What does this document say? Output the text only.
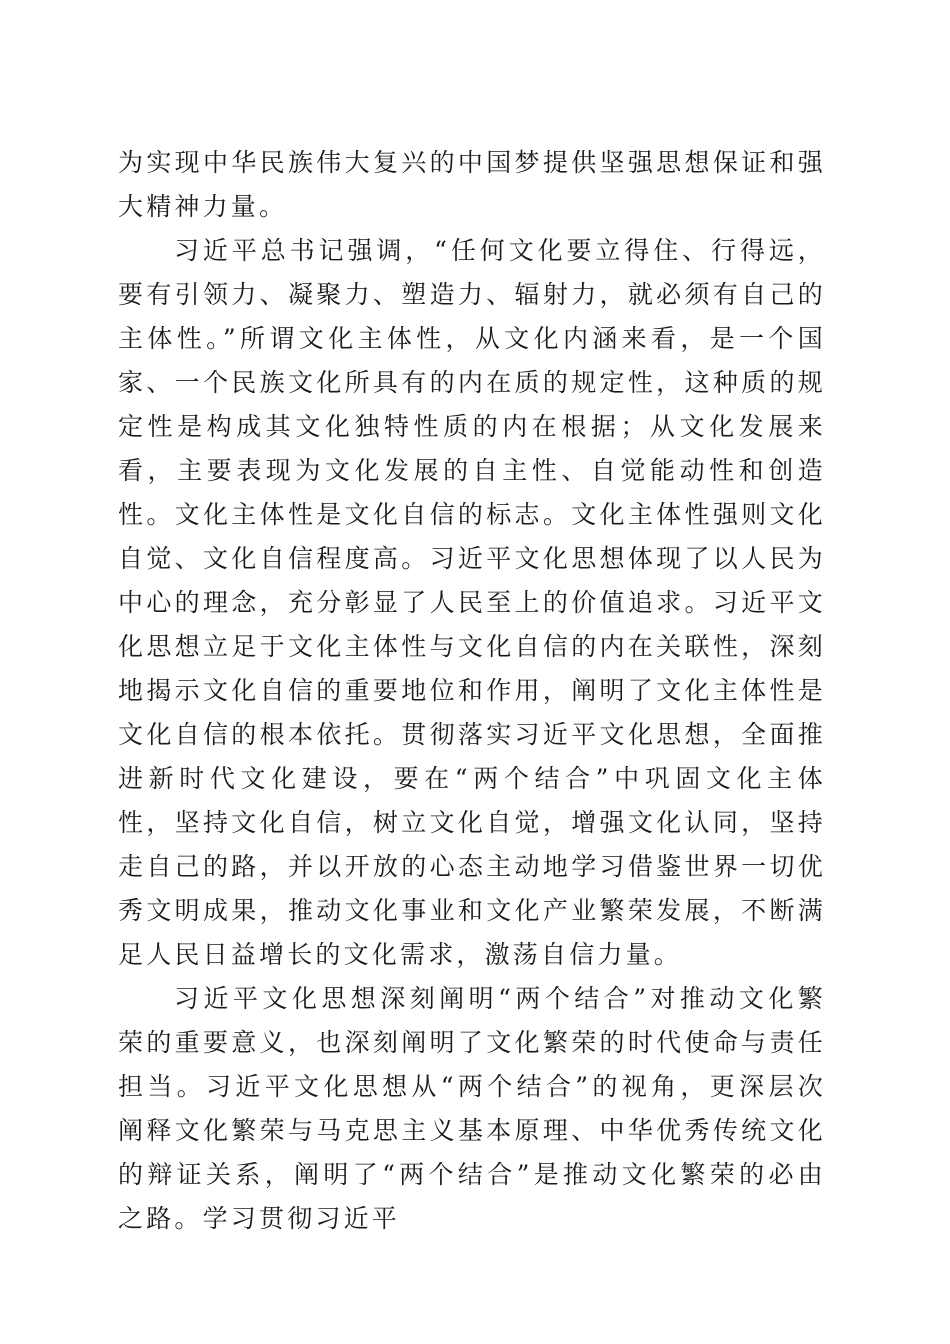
为实现中华民族伟大复兴的中国梦提供坚强思想保证和强大精神力量。

习近平总书记强调，“任何文化要立得住、行得远，要有引领力、凝聚力、塑造力、辐射力，就必须有自己的主体性。”所谓文化主体性，从文化内涵来看，是一个国家、一个民族文化所具有的内在质的规定性，这种质的规定性是构成其文化独特性质的内在根据；从文化发展来看，主要表现为文化发展的自主性、自觉能动性和创造性。文化主体性是文化自信的标志。文化主体性强则文化自觉、文化自信程度高。习近平文化思想体现了以人民为中心的理念，充分彰显了人民至上的价值追求。习近平文化思想立足于文化主体性与文化自信的内在关联性，深刻地揭示文化自信的重要地位和作用，阐明了文化主体性是文化自信的根本依托。贯彻落实习近平文化思想，全面推进新时代文化建设，要在“两个结合”中巩固文化主体性，坚持文化自信，树立文化自觉，增强文化认同，坚持走自己的路，并以开放的心态主动地学习借鉴世界一切优秀文明成果，推动文化事业和文化产业繁荣发展，不断满足人民日益增长的文化需求，激荡自信力量。

习近平文化思想深刻阐明“两个结合”对推动文化繁荣的重要意义，也深刻阐明了文化繁荣的时代使命与责任担当。习近平文化思想从“两个结合”的视角，更深层次阐释文化繁荣与马克思主义基本原理、中华优秀传统文化的辩证关系，阐明了“两个结合”是推动文化繁荣的必由之路。学习贯彻习近平
